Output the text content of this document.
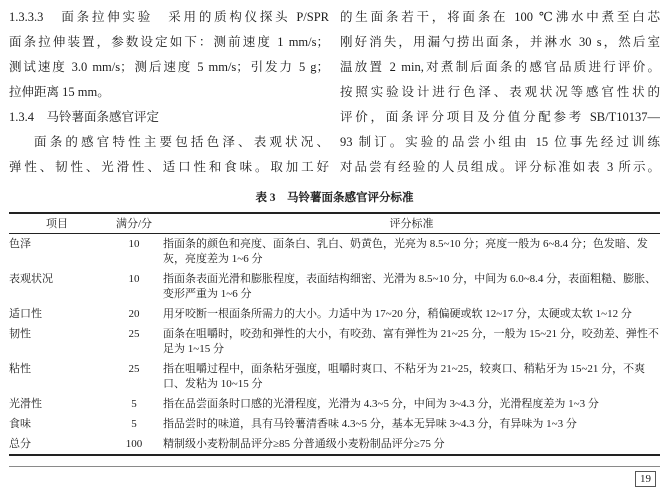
1.3.3.3　面条拉伸实验　采用的质构仪探头 P/SPR
面条拉伸装置，参数设定如下：测前速度 1 mm/s；
测试速度 3.0 mm/s；测后速度 5 mm/s；引发力 5 g；
拉伸距离 15 mm。
1.3.4　马铃薯面条感官评定
面条的感官特性主要包括色泽、表观状况、
弹性、韧性、光滑性、适口性和食味。取加工好
的生面条若干，将面条在 100 ℃沸水中煮至白芯
刚好消失，用漏勺捞出面条，并淋水 30 s，然后室
温放置 2 min,对煮制后面条的感官品质进行评价。
按照实验设计进行色泽、表观状况等感官性状的
评价，面条评分项目及分值分配参考 SB/T10137—
93 制订。实验的品尝小组由 15 位事先经过训练
对品尝有经验的人员组成。评分标准如表 3 所示。
表 3　马铃薯面条感官评分标准
项目	满分/分	评分标准
色泽	10	指面条的颜色和亮度、面条白、乳白、奶黄色，光亮为 8.5~10 分；亮度一般为 6~8.4 分；色发暗、发灰，亮度差为 1~6 分
表观状况	10	指面条表面光滑和膨胀程度，表面结构细密、光滑为 8.5~10 分，中间为 6.0~8.4 分，表面粗糙、膨胀、变形严重为 1~6 分
适口性	20	用牙咬断一根面条所需力的大小。力适中为 17~20 分，稍偏硬或软 12~17 分，太硬或太软 1~12 分
韧性	25	面条在咀嚼时，咬劲和弹性的大小，有咬劲、富有弹性为 21~25 分，一般为 15~21 分，咬劲差、弹性不足为 1~15 分
粘性	25	指在咀嚼过程中，面条粘牙强度，咀嚼时爽口、不粘牙为 21~25，较爽口、稍粘牙为 15~21 分，不爽口、发粘为 10~15 分
光滑性	5	指在品尝面条时口感的光滑程度，光滑为 4.3~5 分，中间为 3~4.3 分，光滑程度差为 1~3 分
食味	5	指品尝时的味道，具有马铃薯清香味 4.3~5 分，基本无异味 3~4.3 分，有异味为 1~3 分
总分	100	精制级小麦粉制品评分≥85 分普通级小麦粉制品评分≥75 分
19
